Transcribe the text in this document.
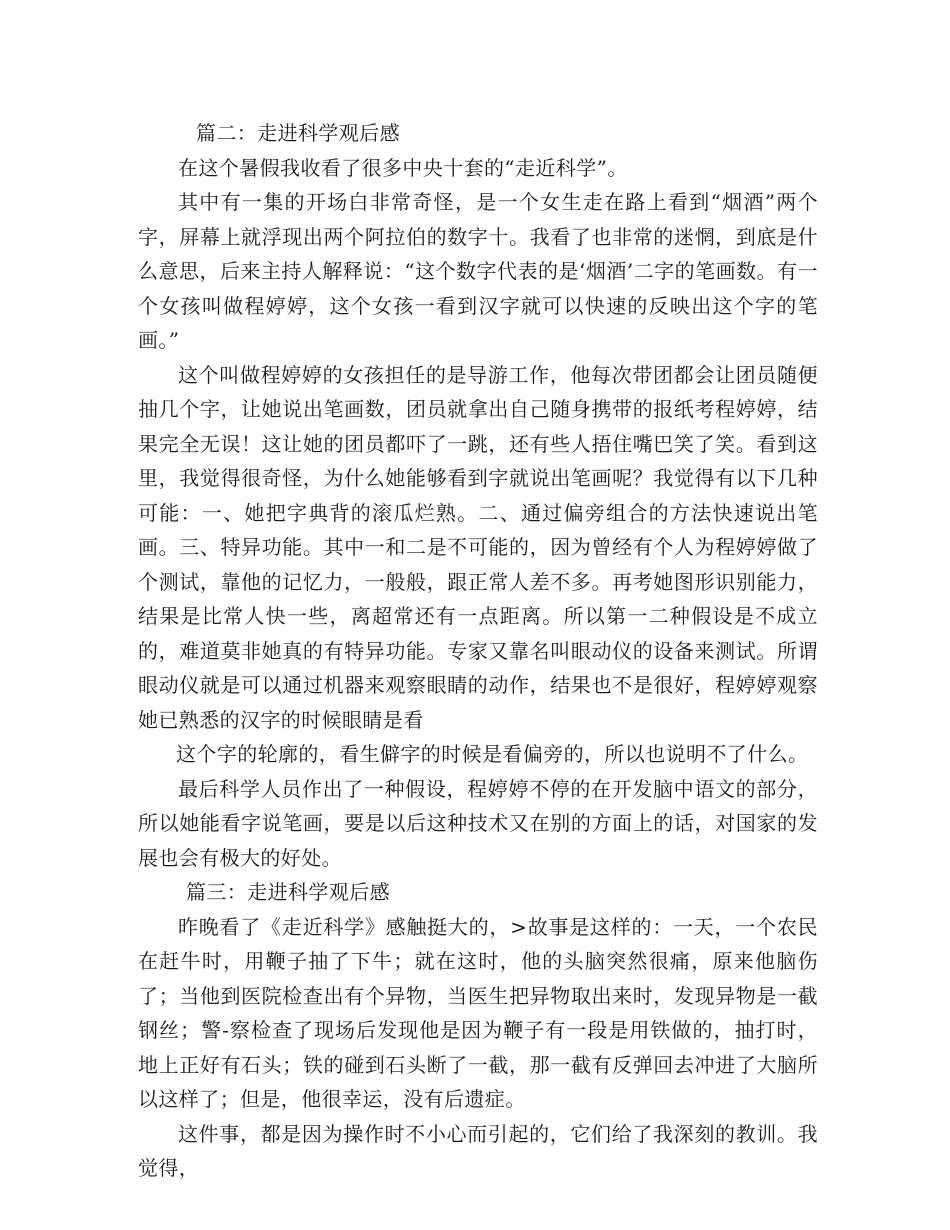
篇二：走进科学观后感

在这个暑假我收看了很多中央十套的“走近科学”。

其中有一集的开场白非常奇怪，是一个女生走在路上看到“烟酒”两个字，屏幕上就浮现出两个阿拉伯的数字十。我看了也非常的迷惘，到底是什么意思，后来主持人解释说：“这个数字代表的是‘烟酒’二字的笔画数。有一个女孩叫做程婷婷，这个女孩一看到汉字就可以快速的反映出这个字的笔画。”

这个叫做程婷婷的女孩担任的是导游工作，他每次带团都会让团员随便抽几个字，让她说出笔画数，团员就拿出自己随身携带的报纸考程婷婷，结果完全无误！这让她的团员都吓了一跳，还有些人捂住嘴巴笑了笑。看到这里，我觉得很奇怪，为什么她能够看到字就说出笔画呢？我觉得有以下几种可能：一、她把字典背的滚瓜烂熟。二、通过偏旁组合的方法快速说出笔画。三、特异功能。其中一和二是不可能的，因为曾经有个人为程婷婷做了个测试，靠他的记忆力，一般般，跟正常人差不多。再考她图形识别能力，结果是比常人快一些，离超常还有一点距离。所以第一二种假设是不成立的，难道莫非她真的有特异功能。专家又靠名叫眼动仪的设备来测试。所谓眼动仪就是可以通过机器来观察眼睛的动作，结果也不是很好，程婷婷观察她已熟悉的汉字的时候眼睛是看

这个字的轮廓的，看生僻字的时候是看偏旁的，所以也说明不了什么。

最后科学人员作出了一种假设，程婷婷不停的在开发脑中语文的部分，所以她能看字说笔画，要是以后这种技术又在别的方面上的话，对国家的发展也会有极大的好处。

篇三：走进科学观后感

昨晚看了《走近科学》感触挺大的，>故事是这样的：一天，一个农民在赶牛时，用鞭子抽了下牛；就在这时，他的头脑突然很痛，原来他脑伤了；当他到医院检查出有个异物，当医生把异物取出来时，发现异物是一截钢丝；警-察检查了现场后发现他是因为鞭子有一段是用铁做的，抽打时，地上正好有石头；铁的碰到石头断了一截，那一截有反弹回去冲进了大脑所以这样了；但是，他很幸运，没有后遗症。

这件事，都是因为操作时不小心而引起的，它们给了我深刻的教训。我觉得，
